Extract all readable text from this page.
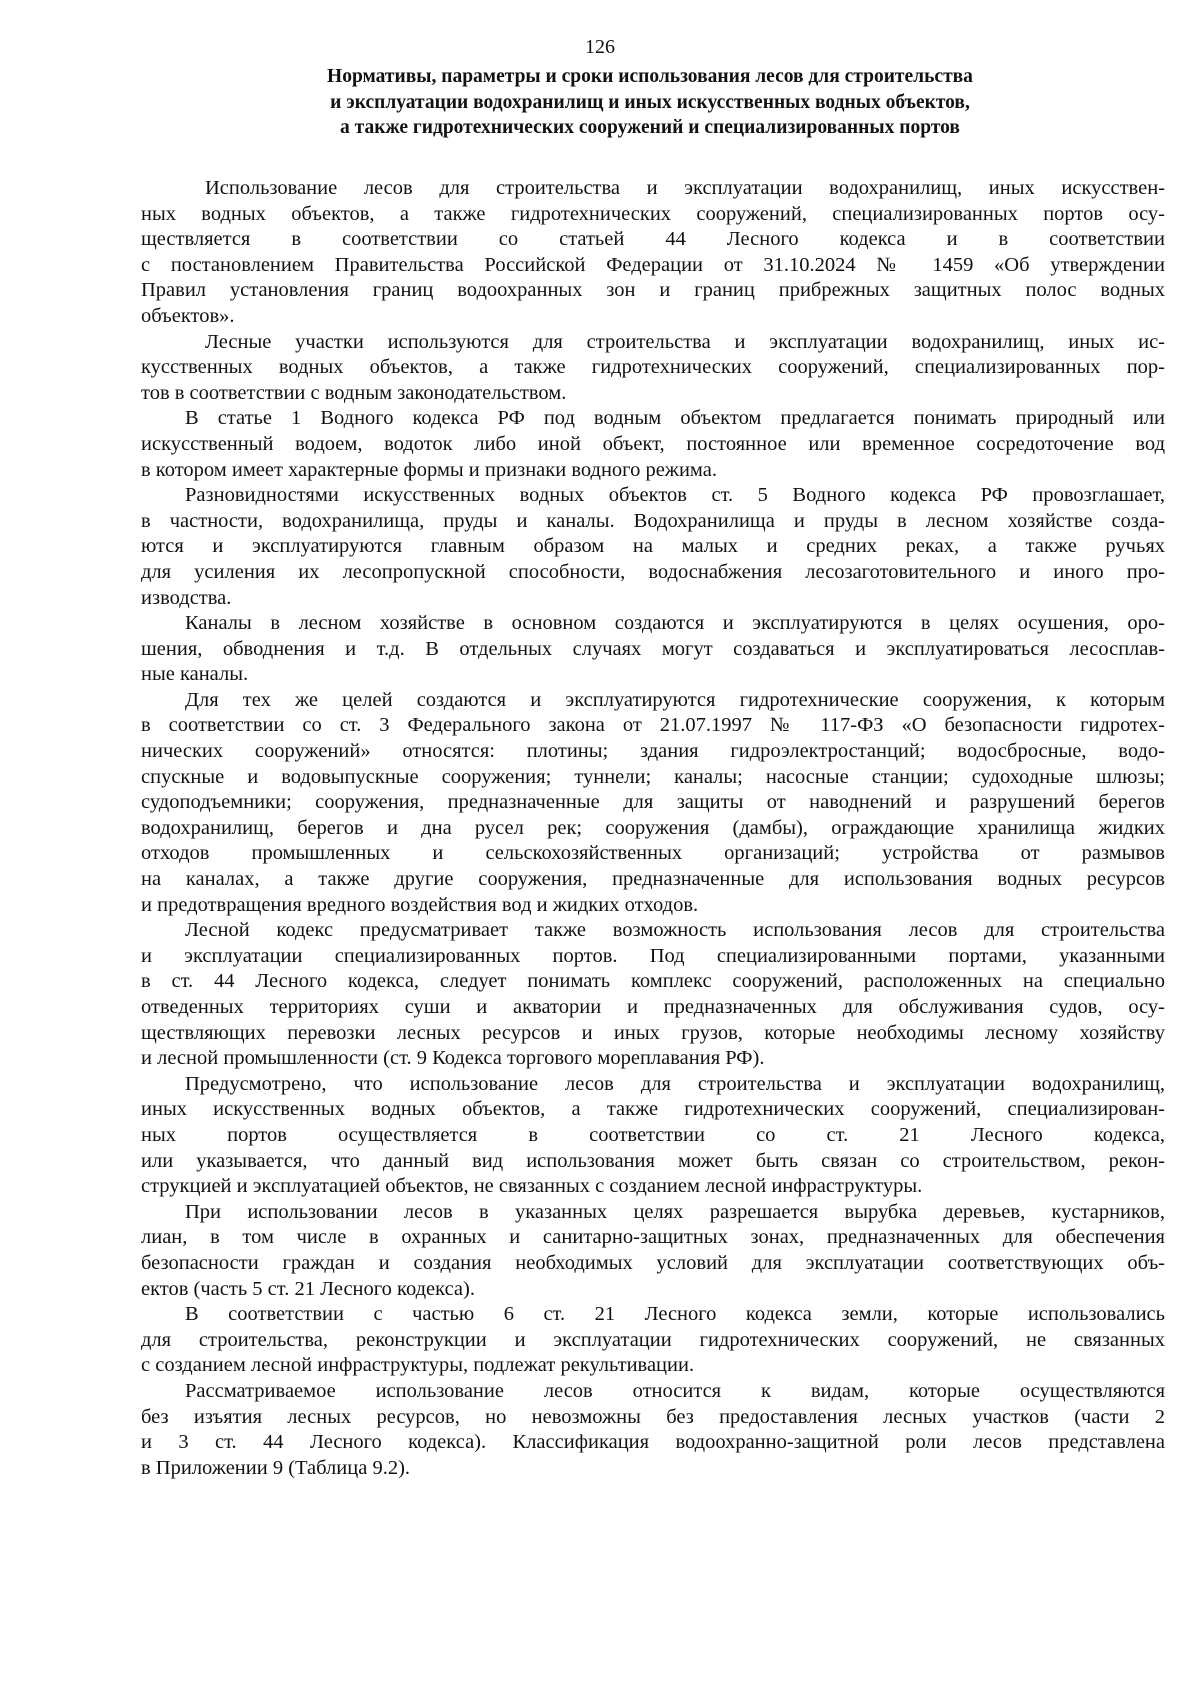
126
Нормативы, параметры и сроки использования лесов для строительства
и эксплуатации водохранилищ и иных искусственных водных объектов,
а также гидротехнических сооружений и специализированных портов

Использование лесов для строительства и эксплуатации водохранилищ, иных искусствен-
ных водных объектов, а также гидротехнических сооружений, специализированных портов осу-
ществляется в соответствии со статьей 44 Лесного кодекса и в соответствии
с постановлением Правительства Российской Федерации от 31.10.2024 № 1459 «Об утверждении
Правил установления границ водоохранных зон и границ прибрежных защитных полос водных
объектов».

Лесные участки используются для строительства и эксплуатации водохранилищ, иных ис-
кусственных водных объектов, а также гидротехнических сооружений, специализированных пор-
тов в соответствии с водным законодательством.

В статье 1 Водного кодекса РФ под водным объектом предлагается понимать природный или
искусственный водоем, водоток либо иной объект, постоянное или временное сосредоточение вод
в котором имеет характерные формы и признаки водного режима.

Разновидностями искусственных водных объектов ст. 5 Водного кодекса РФ провозглашает,
в частности, водохранилища, пруды и каналы. Водохранилища и пруды в лесном хозяйстве созда-
ются и эксплуатируются главным образом на малых и средних реках, а также ручьях
для усиления их лесопропускной способности, водоснабжения лесозаготовительного и иного про-
изводства.

Каналы в лесном хозяйстве в основном создаются и эксплуатируются в целях осушения, оро-
шения, обводнения и т.д. В отдельных случаях могут создаваться и эксплуатироваться лесосплав-
ные каналы.

Для тех же целей создаются и эксплуатируются гидротехнические сооружения, к которым
в соответствии со ст. 3 Федерального закона от 21.07.1997 № 117-ФЗ «О безопасности гидротех-
нических сооружений» относятся: плотины; здания гидроэлектростанций; водосбросные, водо-
спускные и водовыпускные сооружения; туннели; каналы; насосные станции; судоходные шлюзы;
судоподъемники; сооружения, предназначенные для защиты от наводнений и разрушений берегов
водохранилищ, берегов и дна русел рек; сооружения (дамбы), ограждающие хранилища жидких
отходов промышленных и сельскохозяйственных организаций; устройства от размывов
на каналах, а также другие сооружения, предназначенные для использования водных ресурсов
и предотвращения вредного воздействия вод и жидких отходов.

Лесной кодекс предусматривает также возможность использования лесов для строительства
и эксплуатации специализированных портов. Под специализированными портами, указанными
в ст. 44 Лесного кодекса, следует понимать комплекс сооружений, расположенных на специально
отведенных территориях суши и акватории и предназначенных для обслуживания судов, осу-
ществляющих перевозки лесных ресурсов и иных грузов, которые необходимы лесному хозяйству
и лесной промышленности (ст. 9 Кодекса торгового мореплавания РФ).

Предусмотрено, что использование лесов для строительства и эксплуатации водохранилищ,
иных искусственных водных объектов, а также гидротехнических сооружений, специализирован-
ных портов осуществляется в соответствии со ст. 21 Лесного кодекса,
или указывается, что данный вид использования может быть связан со строительством, рекон-
струкцией и эксплуатацией объектов, не связанных с созданием лесной инфраструктуры.

При использовании лесов в указанных целях разрешается вырубка деревьев, кустарников,
лиан, в том числе в охранных и санитарно-защитных зонах, предназначенных для обеспечения
безопасности граждан и создания необходимых условий для эксплуатации соответствующих объ-
ектов (часть 5 ст. 21 Лесного кодекса).

В соответствии с частью 6 ст. 21 Лесного кодекса земли, которые использовались
для строительства, реконструкции и эксплуатации гидротехнических сооружений, не связанных
с созданием лесной инфраструктуры, подлежат рекультивации.

Рассматриваемое использование лесов относится к видам, которые осуществляются
без изъятия лесных ресурсов, но невозможны без предоставления лесных участков (части 2
и 3 ст. 44 Лесного кодекса). Классификация водоохранно-защитной роли лесов представлена
в Приложении 9 (Таблица 9.2).
